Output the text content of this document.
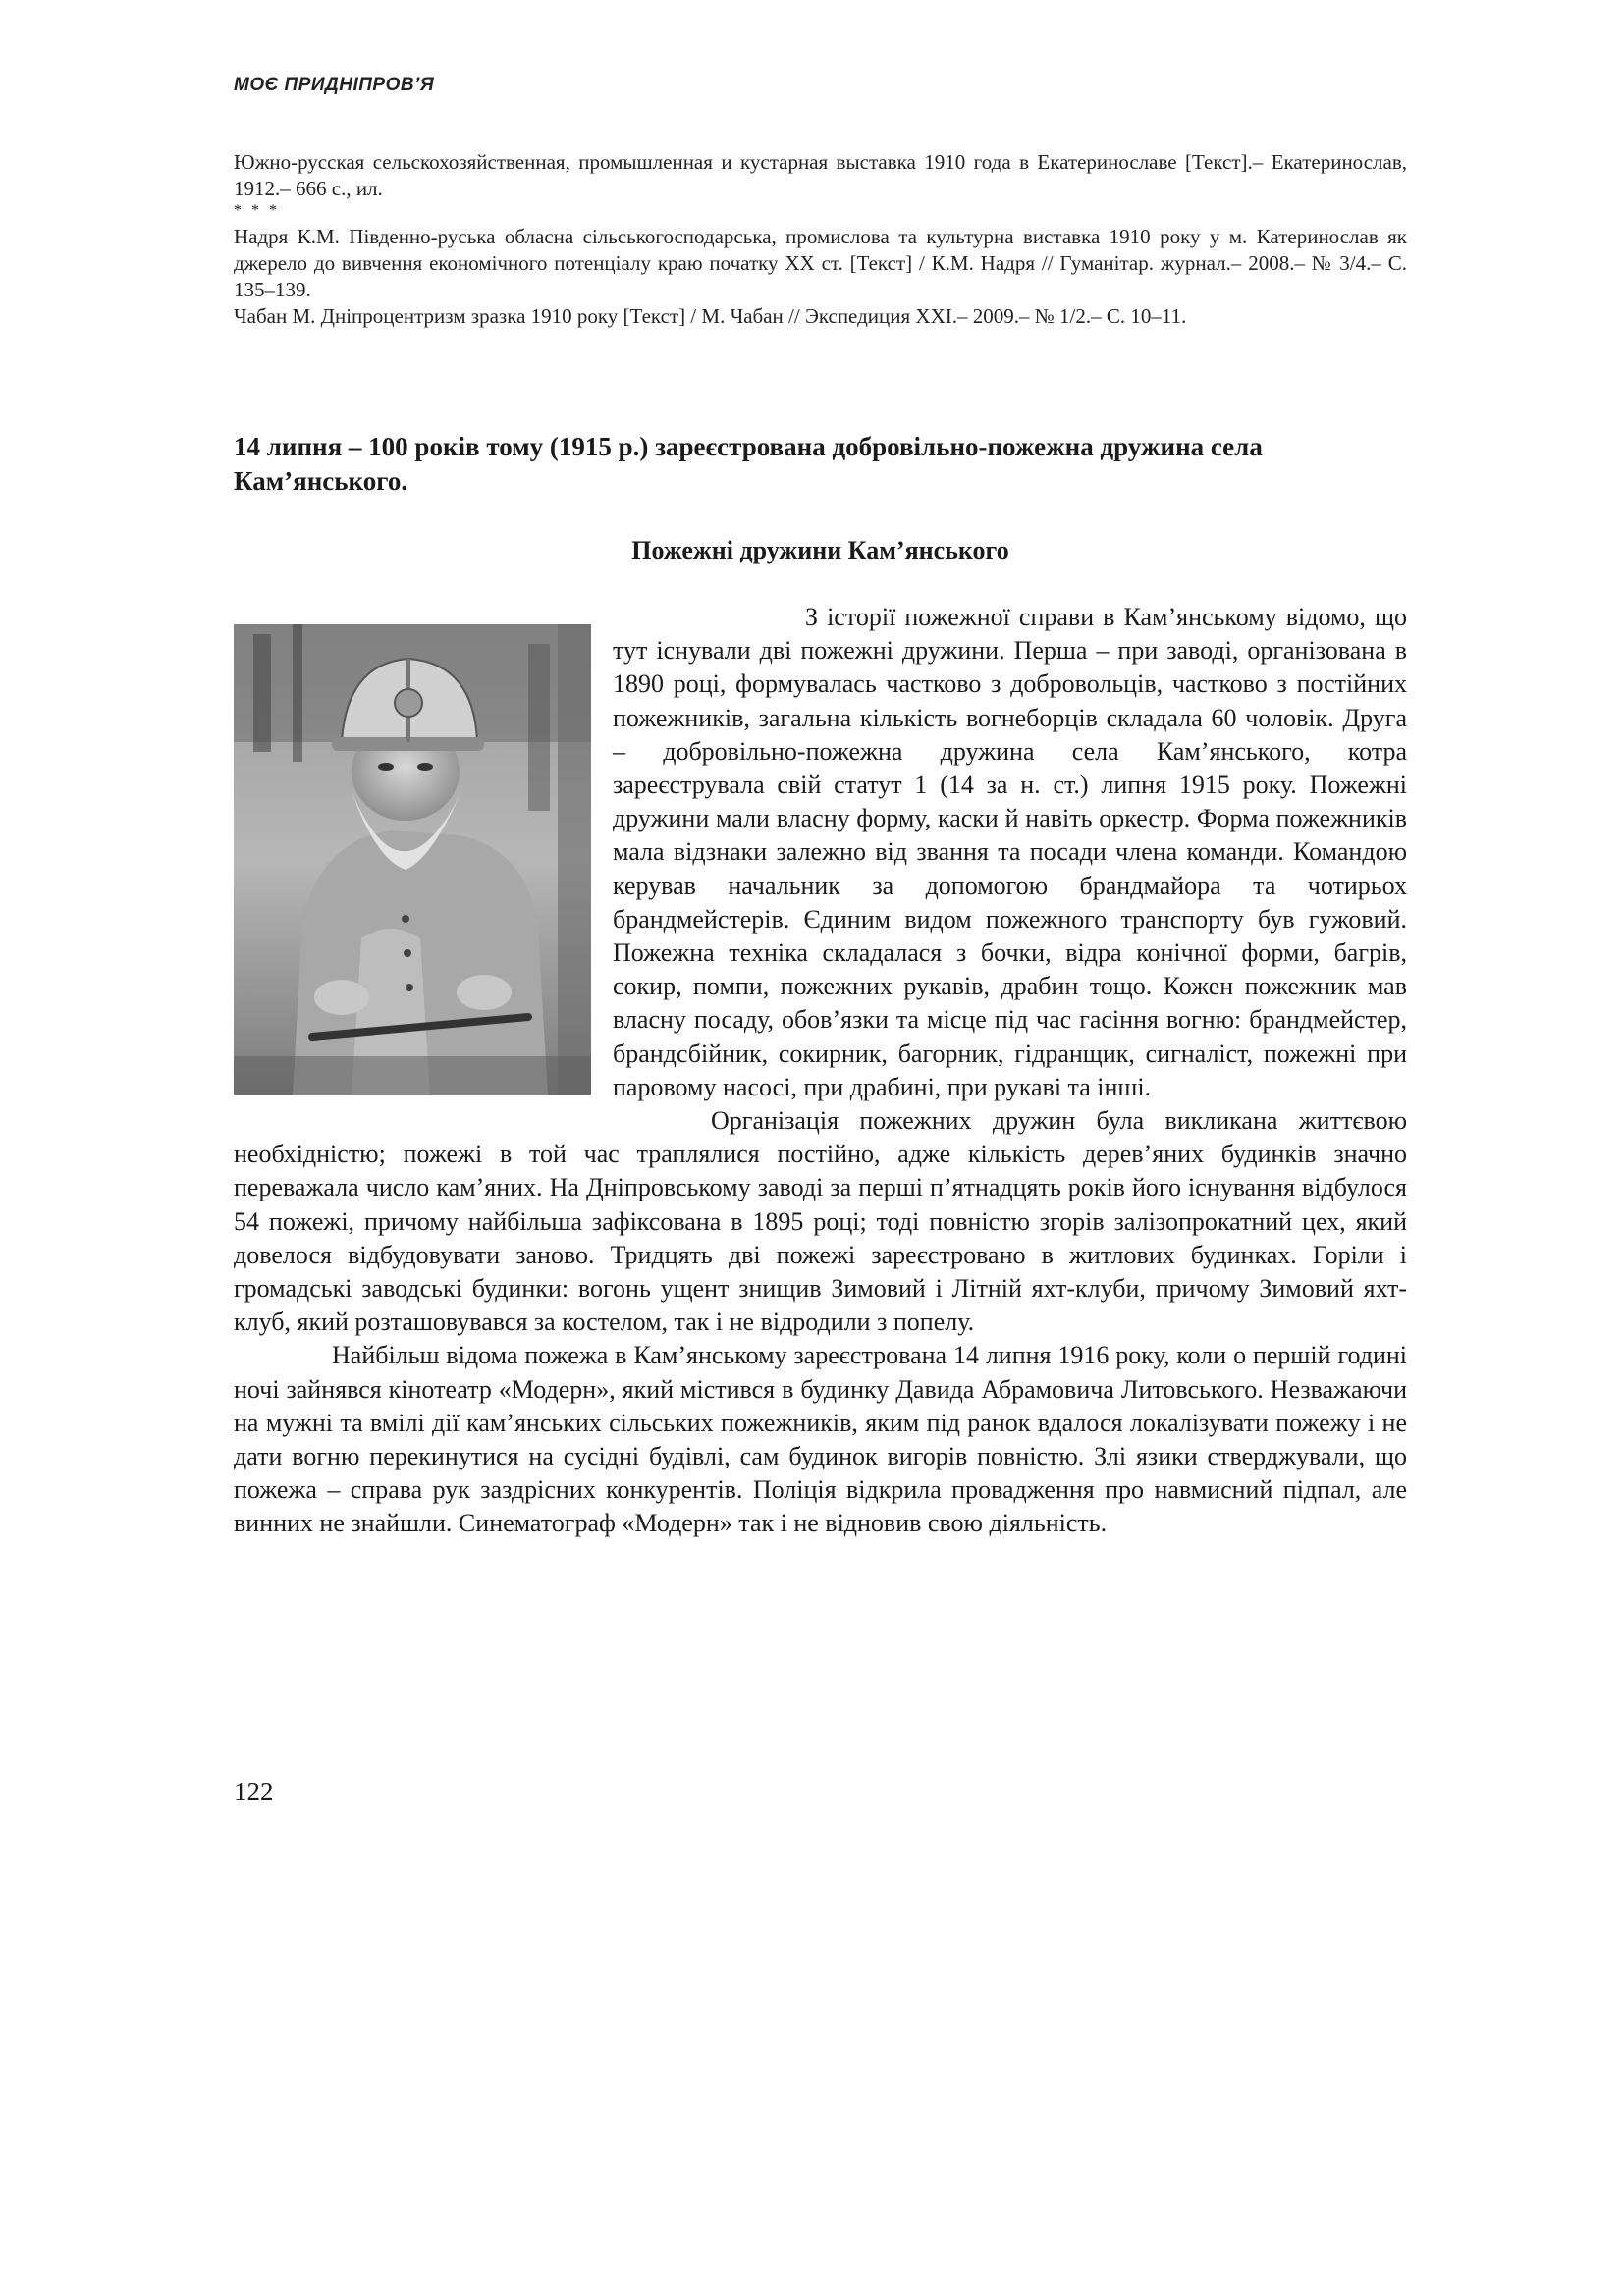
МОЄ ПРИДНІПРОВ’Я

Южно-русская сельскохозяйственная, промышленная и кустарная выставка 1910 года в Екатеринославе [Текст].– Екатеринослав, 1912.– 666 с., ил.

* * *

Надря К.М. Південно-руська обласна сільськогосподарська, промислова та культурна виставка 1910 року у м. Катеринослав як джерело до вивчення економічного потенціалу краю початку ХХ ст. [Текст] / К.М. Надря // Гуманітар. журнал.– 2008.– № 3/4.– С. 135–139.

Чабан М. Дніпроцентризм зразка 1910 року [Текст] / М. Чабан // Экспедиция ХХІ.– 2009.– № 1/2.– С. 10–11.

14 липня – 100 років тому (1915 р.) зареєстрована добровільно-пожежна дружина села Кам’янського.

Пожежні дружини Кам’янського

З історії пожежної справи в Кам’янському відомо, що тут існували дві пожежні дружини. Перша – при заводі, організована в 1890 році, формувалась частково з добровольців, частково з постійних пожежників, загальна кількість вогнеборців складала 60 чоловік. Друга – добровільно-пожежна дружина села Кам’янського, котра зареєструвала свій статут 1 (14 за н. ст.) липня 1915 року. Пожежні дружини мали власну форму, каски й навіть оркестр. Форма пожежників мала відзнаки залежно від звання та посади члена команди. Командою керував начальник за допомогою брандмайора та чотирьох брандмейстерів. Єдиним видом пожежного транспорту був гужовий. Пожежна техніка складалася з бочки, відра конічної форми, багрів, сокир, помпи, пожежних рукавів, драбин тощо. Кожен пожежник мав власну посаду, обов’язки та місце під час гасіння вогню: брандмейстер, брандсбійник, сокирник, багорник, гідранщик, сигналіст, пожежні при паровому насосі, при драбині, при рукаві та інші.

Організація пожежних дружин була викликана життєвою необхідністю; пожежі в той час траплялися постійно, адже кількість дерев’яних будинків значно переважала число кам’яних. На Дніпровському заводі за перші п’ятнадцять років його існування відбулося 54 пожежі, причому найбільша зафіксована в 1895 році; тоді повністю згорів залізопрокатний цех, який довелося відбудовувати заново. Тридцять дві пожежі зареєстровано в житлових будинках. Горіли і громадські заводські будинки: вогонь ущент знищив Зимовий і Літній яхт-клуби, причому Зимовий яхт-клуб, який розташовувався за костелом, так і не відродили з попелу.

Найбільш відома пожежа в Кам’янському зареєстрована 14 липня 1916 року, коли о першій годині ночі зайнявся кінотеатр «Модерн», який містився в будинку Давида Абрамовича Литовського. Незважаючи на мужні та вмілі дії кам’янських сільських пожежників, яким під ранок вдалося локалізувати пожежу і не дати вогню перекинутися на сусідні будівлі, сам будинок вигорів повністю. Злі язики стверджували, що пожежа – справа рук заздрісних конкурентів. Поліція відкрила провадження про навмисний підпал, але винних не знайшли. Синематограф «Модерн» так і не відновив свою діяльність.

122
